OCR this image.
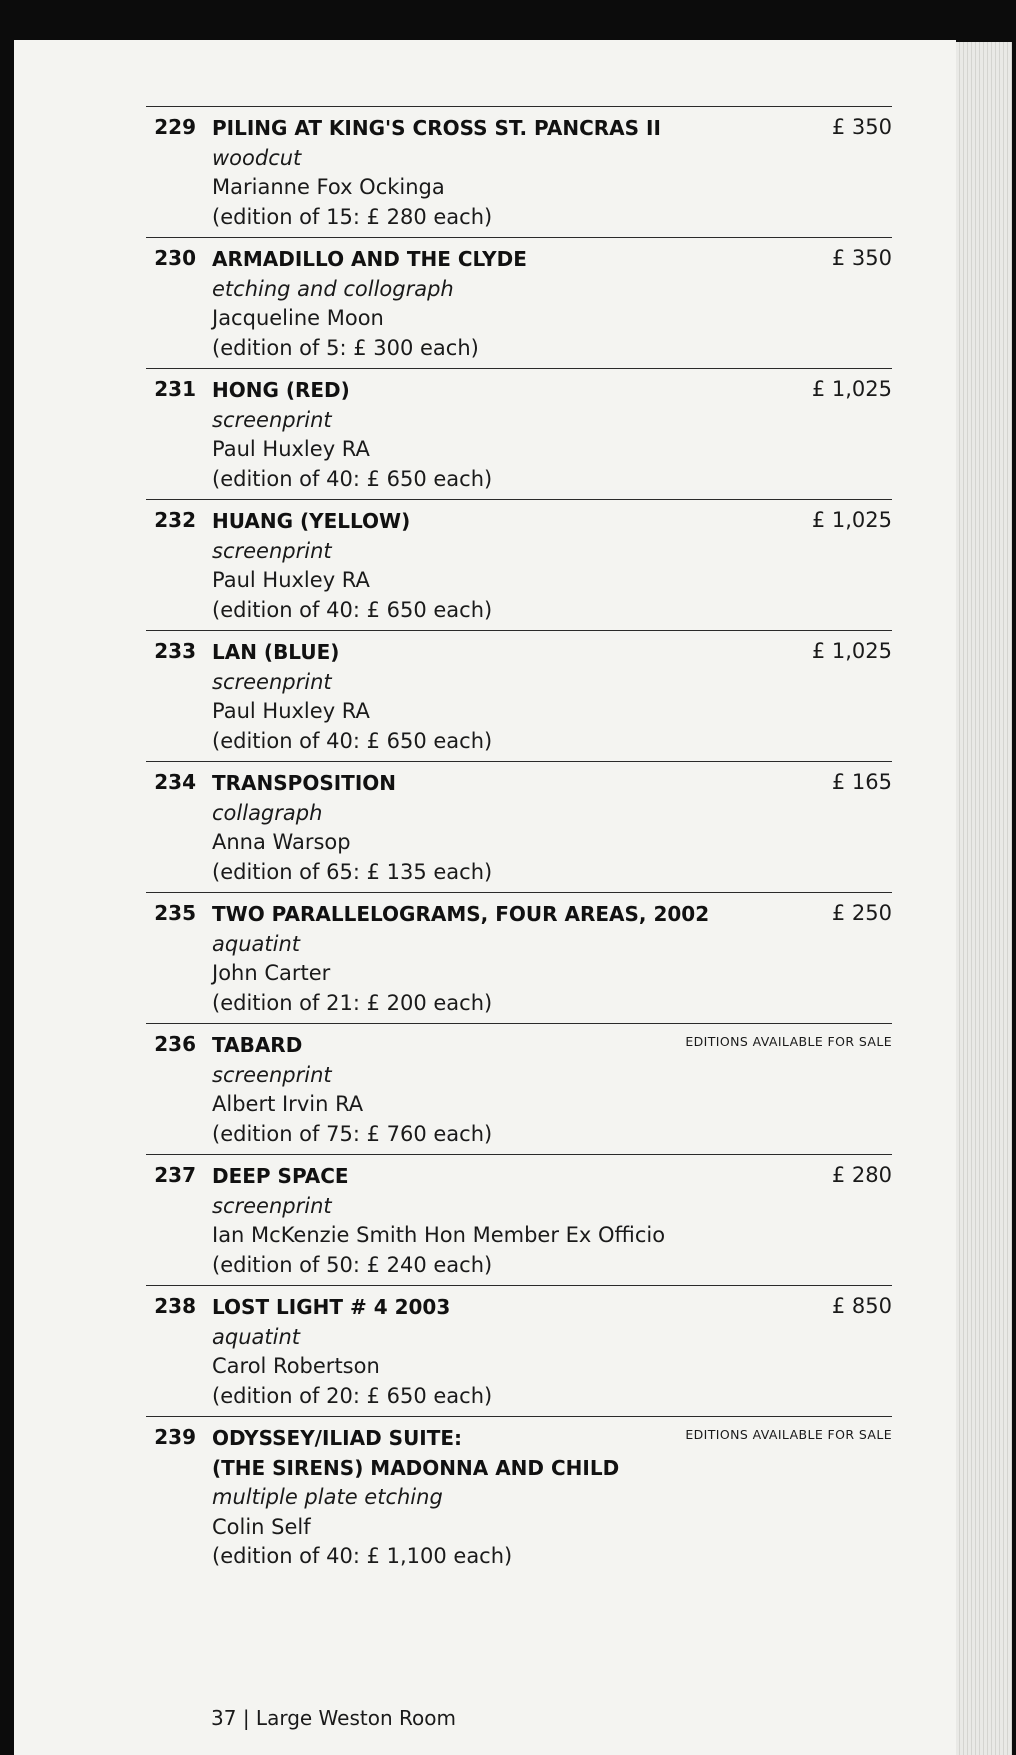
229 PILING AT KING'S CROSS ST. PANCRAS II
woodcut
Marianne Fox Ockinga
(edition of 15: £ 280 each)
£ 350
230 ARMADILLO AND THE CLYDE
etching and collograph
Jacqueline Moon
(edition of 5: £ 300 each)
£ 350
231 HONG (RED)
screenprint
Paul Huxley RA
(edition of 40: £ 650 each)
£ 1,025
232 HUANG (YELLOW)
screenprint
Paul Huxley RA
(edition of 40: £ 650 each)
£ 1,025
233 LAN (BLUE)
screenprint
Paul Huxley RA
(edition of 40: £ 650 each)
£ 1,025
234 TRANSPOSITION
collagraph
Anna Warsop
(edition of 65: £ 135 each)
£ 165
235 TWO PARALLELOGRAMS, FOUR AREAS, 2002
aquatint
John Carter
(edition of 21: £ 200 each)
£ 250
236 TABARD
screenprint
Albert Irvin RA
(edition of 75: £ 760 each)
EDITIONS AVAILABLE FOR SALE
237 DEEP SPACE
screenprint
Ian McKenzie Smith Hon Member Ex Officio
(edition of 50: £ 240 each)
£ 280
238 LOST LIGHT # 4 2003
aquatint
Carol Robertson
(edition of 20: £ 650 each)
£ 850
239 ODYSSEY/ILIAD SUITE:
(THE SIRENS) MADONNA AND CHILD
multiple plate etching
Colin Self
(edition of 40: £ 1,100 each)
EDITIONS AVAILABLE FOR SALE
37 | Large Weston Room
